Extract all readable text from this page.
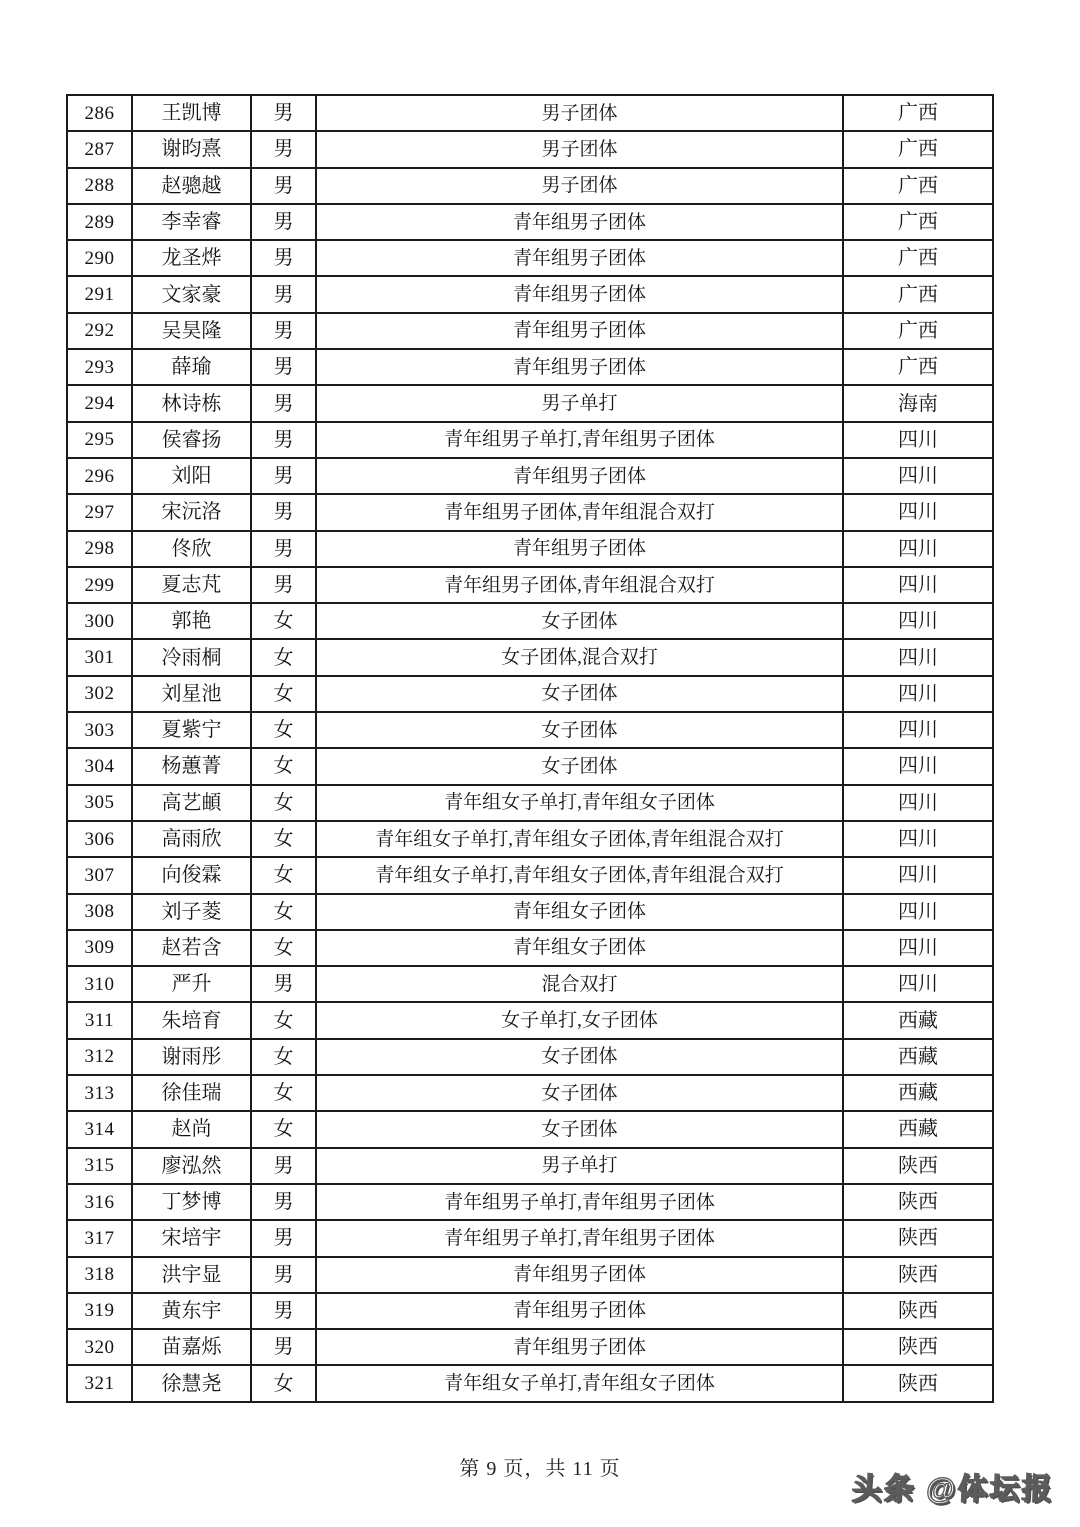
286	王凯博	男	男子团体	广西
287	谢昀熹	男	男子团体	广西
288	赵骢越	男	男子团体	广西
289	李幸睿	男	青年组男子团体	广西
290	龙圣烨	男	青年组男子团体	广西
291	文家豪	男	青年组男子团体	广西
292	吴昊隆	男	青年组男子团体	广西
293	薛瑜	男	青年组男子团体	广西
294	林诗栋	男	男子单打	海南
295	侯睿扬	男	青年组男子单打,青年组男子团体	四川
296	刘阳	男	青年组男子团体	四川
297	宋沅洛	男	青年组男子团体,青年组混合双打	四川
298	佟欣	男	青年组男子团体	四川
299	夏志芃	男	青年组男子团体,青年组混合双打	四川
300	郭艳	女	女子团体	四川
301	冷雨桐	女	女子团体,混合双打	四川
302	刘星池	女	女子团体	四川
303	夏紫宁	女	女子团体	四川
304	杨蕙菁	女	女子团体	四川
305	高艺頔	女	青年组女子单打,青年组女子团体	四川
306	高雨欣	女	青年组女子单打,青年组女子团体,青年组混合双打	四川
307	向俊霖	女	青年组女子单打,青年组女子团体,青年组混合双打	四川
308	刘子菱	女	青年组女子团体	四川
309	赵若含	女	青年组女子团体	四川
310	严升	男	混合双打	四川
311	朱培育	女	女子单打,女子团体	西藏
312	谢雨彤	女	女子团体	西藏
313	徐佳瑞	女	女子团体	西藏
314	赵尚	女	女子团体	西藏
315	廖泓然	男	男子单打	陕西
316	丁梦博	男	青年组男子单打,青年组男子团体	陕西
317	宋培宇	男	青年组男子单打,青年组男子团体	陕西
318	洪宇显	男	青年组男子团体	陕西
319	黄东宇	男	青年组男子团体	陕西
320	苗嘉烁	男	青年组男子团体	陕西
321	徐慧尧	女	青年组女子单打,青年组女子团体	陕西
第 9 页，共 11 页
头条 @体坛报
